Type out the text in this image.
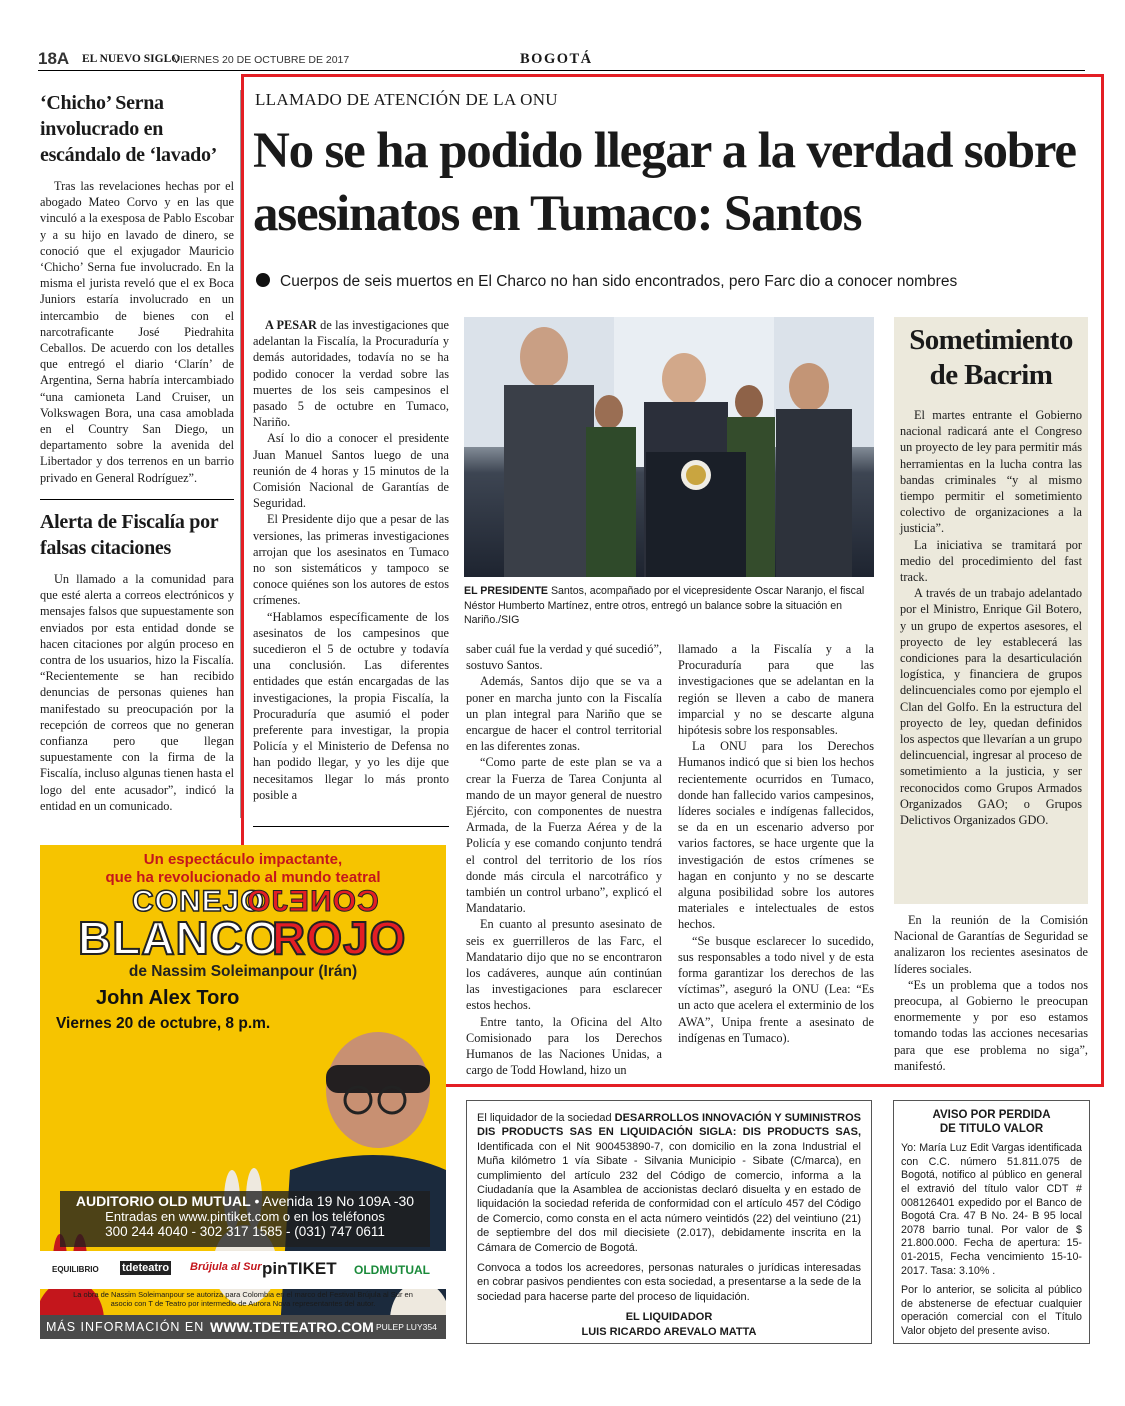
18A EL NUEVO SIGLO
VIERNES 20 DE OCTUBRE DE 2017	BOGOTÁ
‘Chicho’ Serna involucrado en escándalo de ‘lavado’

Tras las revelaciones hechas por el abogado Mateo Corvo y en las que vinculó a la exesposa de Pablo Escobar y a su hijo en lavado de dinero, se conoció que el exjugador Mauricio ‘Chicho’ Serna fue involucrado. En la misma el jurista reveló que el ex Boca Juniors estaría involucrado en un intercambio de bienes con el narcotraficante José Piedrahita Ceballos. De acuerdo con los detalles que entregó el diario ‘Clarín’ de Argentina, Serna habría intercambiado “una camioneta Land Cruiser, un Volkswagen Bora, una casa amoblada en el Country San Diego, un departamento sobre la avenida del Libertador y dos terrenos en un barrio privado en General Rodríguez”.

Alerta de Fiscalía por falsas citaciones

Un llamado a la comunidad para que esté alerta a correos electrónicos y mensajes falsos que supuestamente son enviados por esta entidad donde se hacen citaciones por algún proceso en contra de los usuarios, hizo la Fiscalía. “Recientemente se han recibido denuncias de personas quienes han manifestado su preocupación por la recepción de correos que no generan confianza pero que llegan supuestamente con la firma de la Fiscalía, incluso algunas tienen hasta el logo del ente acusador”, indicó la entidad en un comunicado.

LLAMADO DE ATENCIÓN DE LA ONU
No se ha podido llegar a la verdad sobre asesinatos en Tumaco: Santos
Cuerpos de seis muertos en El Charco no han sido encontrados, pero Farc dio a conocer nombres

A PESAR de las investigaciones que adelantan la Fiscalía, la Procuraduría y demás autoridades, todavía no se ha podido conocer la verdad sobre las muertes de los seis campesinos el pasado 5 de octubre en Tumaco, Nariño.

Así lo dio a conocer el presidente Juan Manuel Santos luego de una reunión de 4 horas y 15 minutos de la Comisión Nacional de Garantías de Seguridad.

El Presidente dijo que a pesar de las versiones, las primeras investigaciones arrojan que los asesinatos en Tumaco no son sistemáticos y tampoco se conoce quiénes son los autores de estos crímenes.

“Hablamos específicamente de los asesinatos de los campesinos que sucedieron el 5 de octubre y todavía una conclusión. Las diferentes entidades que están encargadas de las investigaciones, la propia Fiscalía, la Procuraduría que asumió el poder preferente para investigar, la propia Policía y el Ministerio de Defensa no han podido llegar, y yo les dije que necesitamos llegar lo más pronto posible a

EL PRESIDENTE Santos, acompañado por el vicepresidente Oscar Naranjo, el fiscal Néstor Humberto Martínez, entre otros, entregó un balance sobre la situación en Nariño./SIG

saber cuál fue la verdad y qué sucedió”, sostuvo Santos.

Además, Santos dijo que se va a poner en marcha junto con la Fiscalía un plan integral para Nariño que se encargue de hacer el control territorial en las diferentes zonas.

“Como parte de este plan se va a crear la Fuerza de Tarea Conjunta al mando de un mayor general de nuestro Ejército, con componentes de nuestra Armada, de la Fuerza Aérea y de la Policía y ese comando conjunto tendrá el control del territorio de los ríos donde más circula el narcotráfico y también un control urbano”, explicó el Mandatario.

En cuanto al presunto asesinato de seis ex guerrilleros de las Farc, el Mandatario dijo que no se encontraron los cadáveres, aunque aún continúan las investigaciones para esclarecer estos hechos.

Entre tanto, la Oficina del Alto Comisionado para los Derechos Humanos de las Naciones Unidas, a cargo de Todd Howland, hizo un

llamado a la Fiscalía y a la Procuraduría para que las investigaciones que se adelantan en la región se lleven a cabo de manera imparcial y no se descarte alguna hipótesis sobre los responsables.

La ONU para los Derechos Humanos indicó que si bien los hechos recientemente ocurridos en Tumaco, donde han fallecido varios campesinos, líderes sociales e indígenas fallecidos, se da en un escenario adverso por varios factores, se hace urgente que la investigación de estos crímenes se hagan en conjunto y no se descarte alguna posibilidad sobre los autores materiales e intelectuales de estos hechos.

“Se busque esclarecer lo sucedido, sus responsables a todo nivel y de esta forma garantizar los derechos de las víctimas”, aseguró la ONU (Lea: “Es un acto que acelera el exterminio de los AWA”, Unipa frente a asesinato de indígenas en Tumaco).

Sometimiento de Bacrim

El martes entrante el Gobierno nacional radicará ante el Congreso un proyecto de ley para permitir más herramientas en la lucha contra las bandas criminales “y al mismo tiempo permitir el sometimiento colectivo de organizaciones a la justicia”.

La iniciativa se tramitará por medio del procedimiento del fast track.

A través de un trabajo adelantado por el Ministro, Enrique Gil Botero, y un grupo de expertos asesores, el proyecto de ley establecerá las condiciones para la desarticulación logística, y financiera de grupos delincuenciales como por ejemplo el Clan del Golfo. En la estructura del proyecto de ley, quedan definidos los aspectos que llevarían a un grupo delincuencial, ingresar al proceso de sometimiento a la justicia, y ser reconocidos como Grupos Armados Organizados GAO; o Grupos Delictivos Organizados GDO.

En la reunión de la Comisión Nacional de Garantías de Seguridad se analizaron los recientes asesinatos de líderes sociales.

“Es un problema que a todos nos preocupa, al Gobierno le preocupan enormemente y por eso estamos tomando todas las acciones necesarias para que ese problema no siga”, manifestó.

Un espectáculo impactante,
que ha revolucionado al mundo teatral
CONEJO
CONEJO
BLANCO
ROJO
de Nassim Soleimanpour (Irán)
John Alex Toro
Viernes 20 de octubre, 8 p.m.
AUDITORIO OLD MUTUAL • Avenida 19 No 109A -30
Entradas en www.pintiket.com o en los teléfonos
300 244 4040 - 302 317 1585 - (031) 747 0611
EQUILIBRIO tdeteatro Brújula al Sur pinTIKET OLDMUTUAL
La obra de Nassim Soleimanpour se autoriza para Colombia en el marco del Festival Brújula al Sur en asocio con T de Teatro por intermedio de Aurora Nova representantes del autor.
MÁS INFORMACIÓN EN WWW.TDETEATRO.COM PULEP LUY354
El liquidador de la sociedad DESARROLLOS INNOVACIÓN Y SUMINISTROS DIS PRODUCTS SAS EN LIQUIDACIÓN SIGLA: DIS PRODUCTS SAS, Identificada con el Nit 900453890-7, con domicilio en la zona Industrial el Muña kilómetro 1 vía Sibate - Silvania Municipio - Sibate (C/marca), en cumplimiento del artículo 232 del Código de comercio, informa a la Ciudadanía que la Asamblea de accionistas declaró disuelta y en estado de liquidación la sociedad referida de conformidad con el artículo 457 del Código de Comercio, como consta en el acta número veintidós (22) del veintiuno (21) de septiembre del dos mil diecisiete (2.017), debidamente inscrita en la Cámara de Comercio de Bogotá.
Convoca a todos los acreedores, personas naturales o jurídicas interesadas en cobrar pasivos pendientes con esta sociedad, a presentarse a la sede de la sociedad para hacerse parte del proceso de liquidación.
EL LIQUIDADOR
LUIS RICARDO AREVALO MATTA
AVISO POR PERDIDA
DE TITULO VALOR
Yo: María Luz Edit Vargas identificada con C.C. número 51.811.075 de Bogotá, notifico al público en general el extravió del título valor CDT # 008126401 expedido por el Banco de Bogotá Cra. 47 B No. 24- B 95 local 2078 barrio tunal. Por valor de $ 21.800.000. Fecha de apertura: 15-01-2015, Fecha vencimiento 15-10-2017. Tasa: 3.10% .
Por lo anterior, se solicita al público de abstenerse de efectuar cualquier operación comercial con el Título Valor objeto del presente aviso.
